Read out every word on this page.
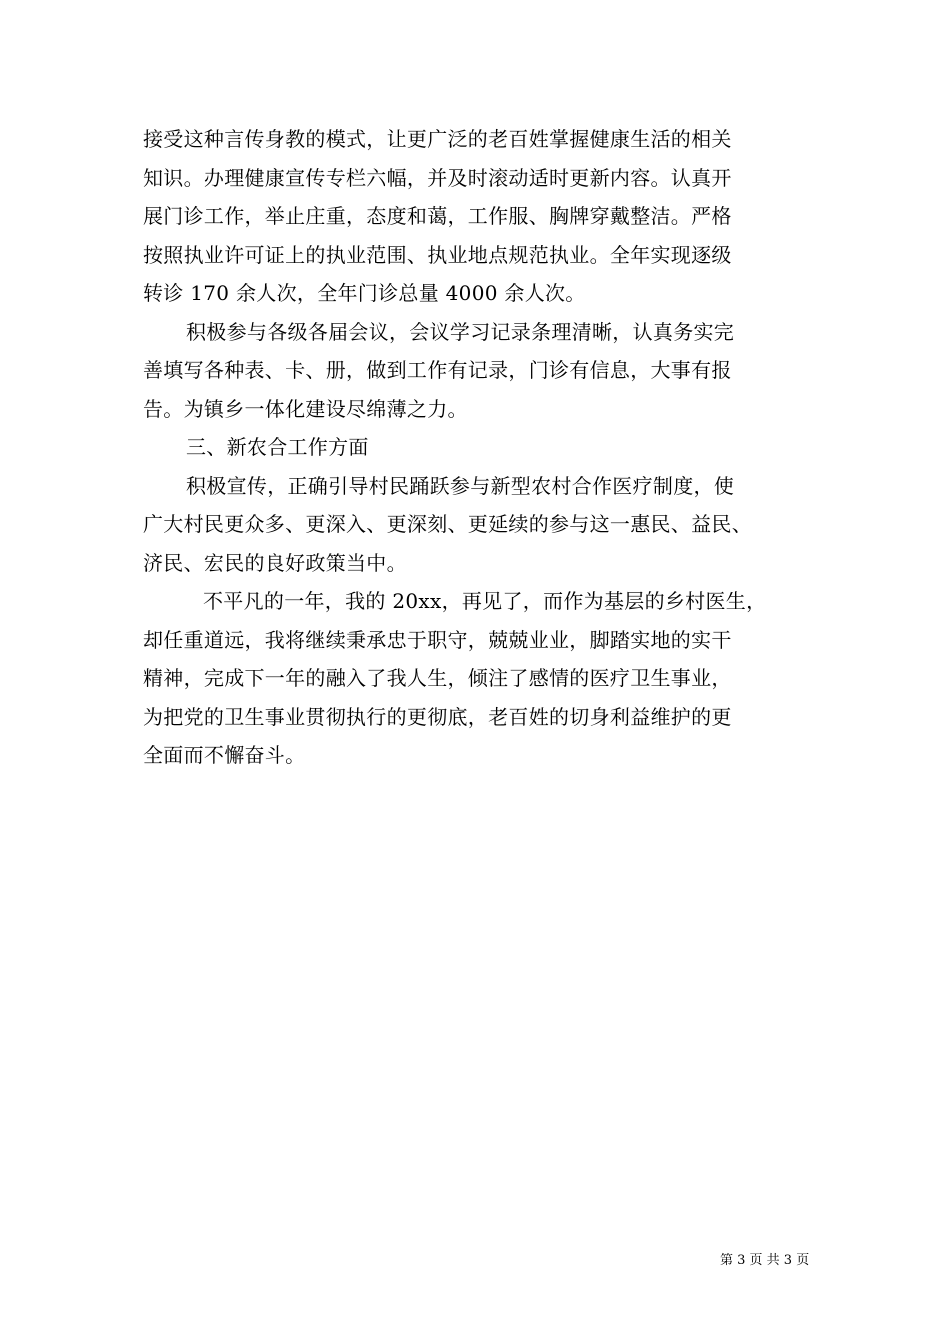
接受这种言传身教的模式，让更广泛的老百姓掌握健康生活的相关
知识。办理健康宣传专栏六幅，并及时滚动适时更新内容。认真开
展门诊工作，举止庄重，态度和蔼，工作服、胸牌穿戴整洁。严格
按照执业许可证上的执业范围、执业地点规范执业。全年实现逐级
转诊 170 余人次，全年门诊总量 4000 余人次。
积极参与各级各届会议，会议学习记录条理清晰，认真务实完
善填写各种表、卡、册，做到工作有记录，门诊有信息，大事有报
告。为镇乡一体化建设尽绵薄之力。
三、新农合工作方面
积极宣传，正确引导村民踊跃参与新型农村合作医疗制度，使
广大村民更众多、更深入、更深刻、更延续的参与这一惠民、益民、
济民、宏民的良好政策当中。
不平凡的一年，我的 20xx，再见了，而作为基层的乡村医生，
却任重道远，我将继续秉承忠于职守，兢兢业业，脚踏实地的实干
精神，完成下一年的融入了我人生，倾注了感情的医疗卫生事业，
为把党的卫生事业贯彻执行的更彻底，老百姓的切身利益维护的更
全面而不懈奋斗。
第 3 页 共 3 页
